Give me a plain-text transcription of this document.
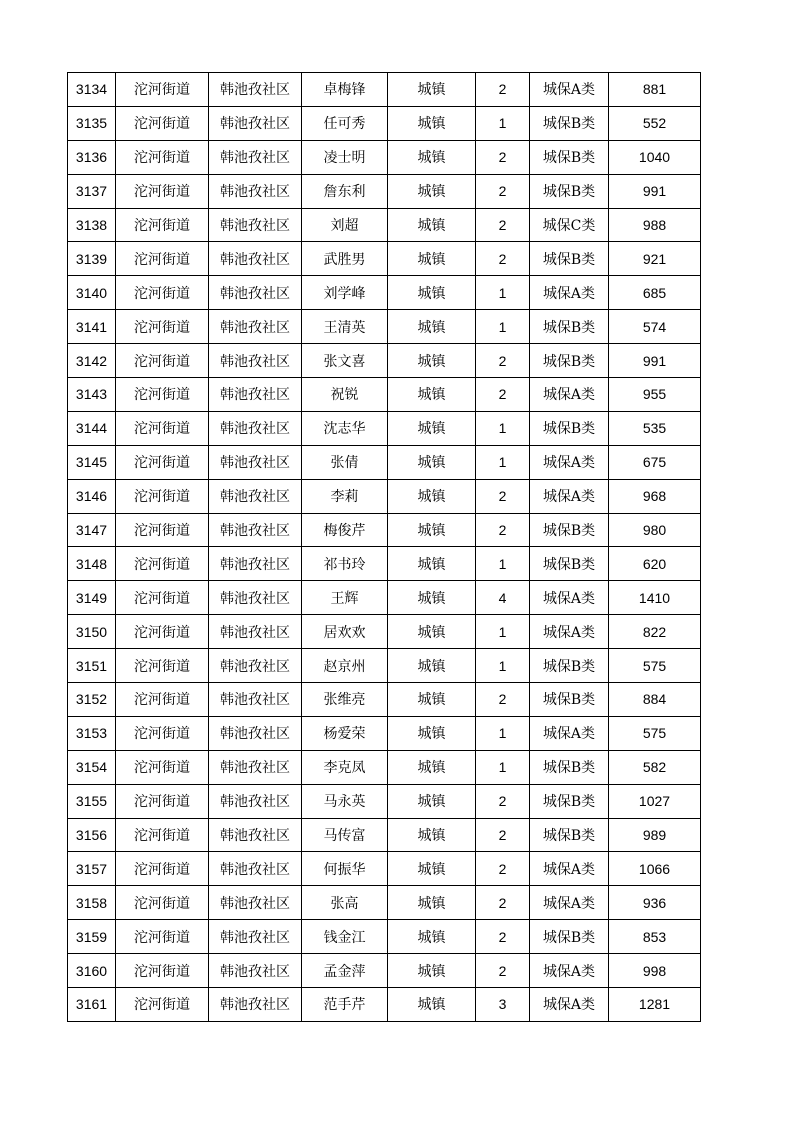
3134	沱河街道	韩池孜社区	卓梅锋	城镇	2	城保A类	881
3135	沱河街道	韩池孜社区	任可秀	城镇	1	城保B类	552
3136	沱河街道	韩池孜社区	凌士明	城镇	2	城保B类	1040
3137	沱河街道	韩池孜社区	詹东利	城镇	2	城保B类	991
3138	沱河街道	韩池孜社区	刘超	城镇	2	城保C类	988
3139	沱河街道	韩池孜社区	武胜男	城镇	2	城保B类	921
3140	沱河街道	韩池孜社区	刘学峰	城镇	1	城保A类	685
3141	沱河街道	韩池孜社区	王清英	城镇	1	城保B类	574
3142	沱河街道	韩池孜社区	张文喜	城镇	2	城保B类	991
3143	沱河街道	韩池孜社区	祝锐	城镇	2	城保A类	955
3144	沱河街道	韩池孜社区	沈志华	城镇	1	城保B类	535
3145	沱河街道	韩池孜社区	张倩	城镇	1	城保A类	675
3146	沱河街道	韩池孜社区	李莉	城镇	2	城保A类	968
3147	沱河街道	韩池孜社区	梅俊芹	城镇	2	城保B类	980
3148	沱河街道	韩池孜社区	祁书玲	城镇	1	城保B类	620
3149	沱河街道	韩池孜社区	王辉	城镇	4	城保A类	1410
3150	沱河街道	韩池孜社区	居欢欢	城镇	1	城保A类	822
3151	沱河街道	韩池孜社区	赵京州	城镇	1	城保B类	575
3152	沱河街道	韩池孜社区	张维亮	城镇	2	城保B类	884
3153	沱河街道	韩池孜社区	杨爱荣	城镇	1	城保A类	575
3154	沱河街道	韩池孜社区	李克凤	城镇	1	城保B类	582
3155	沱河街道	韩池孜社区	马永英	城镇	2	城保B类	1027
3156	沱河街道	韩池孜社区	马传富	城镇	2	城保B类	989
3157	沱河街道	韩池孜社区	何振华	城镇	2	城保A类	1066
3158	沱河街道	韩池孜社区	张高	城镇	2	城保A类	936
3159	沱河街道	韩池孜社区	钱金江	城镇	2	城保B类	853
3160	沱河街道	韩池孜社区	孟金萍	城镇	2	城保A类	998
3161	沱河街道	韩池孜社区	范手芹	城镇	3	城保A类	1281
